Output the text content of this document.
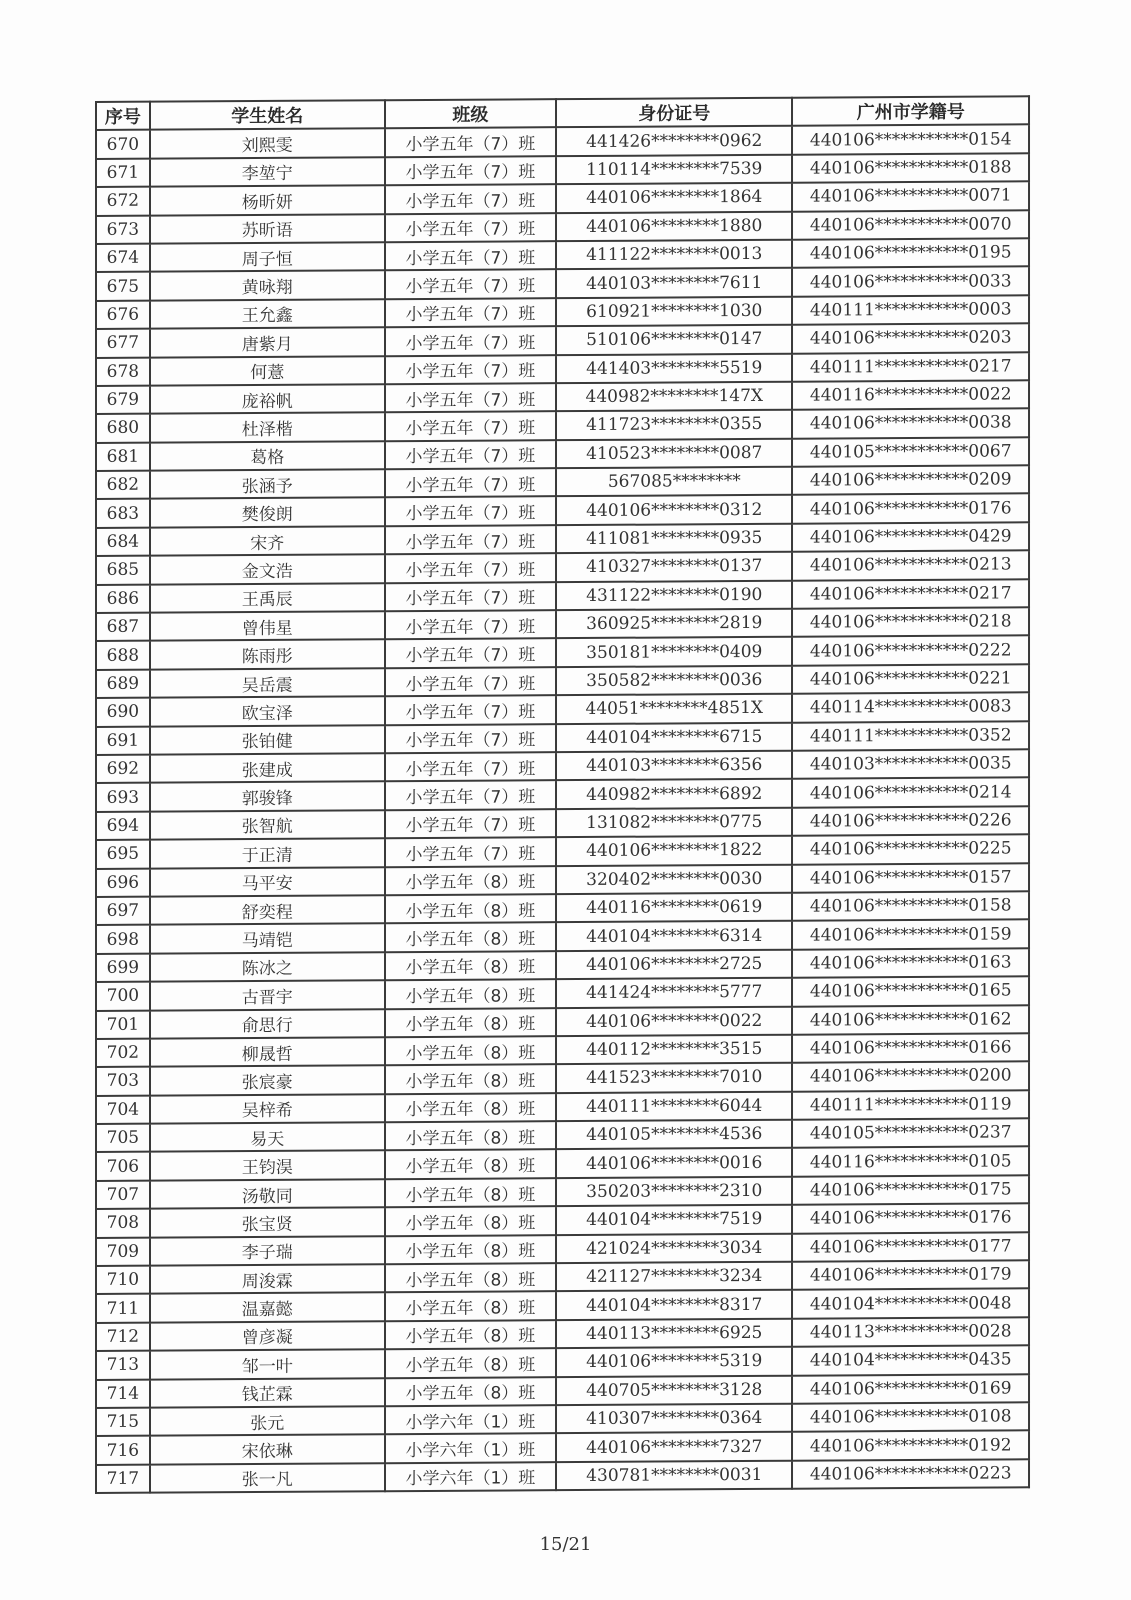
序号	学生姓名	班级	身份证号	广州市学籍号
670	刘熙雯	小学五年（7）班	441426********0962	440106***********0154
671	李堃宁	小学五年（7）班	110114********7539	440106***********0188
672	杨昕妍	小学五年（7）班	440106********1864	440106***********0071
673	苏昕语	小学五年（7）班	440106********1880	440106***********0070
674	周子恒	小学五年（7）班	411122********0013	440106***********0195
675	黄咏翔	小学五年（7）班	440103********7611	440106***********0033
676	王允鑫	小学五年（7）班	610921********1030	440111***********0003
677	唐紫月	小学五年（7）班	510106********0147	440106***********0203
678	何薏	小学五年（7）班	441403********5519	440111***********0217
679	庞裕帆	小学五年（7）班	440982********147X	440116***********0022
680	杜泽楷	小学五年（7）班	411723********0355	440106***********0038
681	葛格	小学五年（7）班	410523********0087	440105***********0067
682	张涵予	小学五年（7）班	567085********	440106***********0209
683	樊俊朗	小学五年（7）班	440106********0312	440106***********0176
684	宋齐	小学五年（7）班	411081********0935	440106***********0429
685	金文浩	小学五年（7）班	410327********0137	440106***********0213
686	王禹辰	小学五年（7）班	431122********0190	440106***********0217
687	曾伟星	小学五年（7）班	360925********2819	440106***********0218
688	陈雨彤	小学五年（7）班	350181********0409	440106***********0222
689	吴岳震	小学五年（7）班	350582********0036	440106***********0221
690	欧宝泽	小学五年（7）班	44051********4851X	440114***********0083
691	张铂健	小学五年（7）班	440104********6715	440111***********0352
692	张建成	小学五年（7）班	440103********6356	440103***********0035
693	郭骏锋	小学五年（7）班	440982********6892	440106***********0214
694	张智航	小学五年（7）班	131082********0775	440106***********0226
695	于正清	小学五年（7）班	440106********1822	440106***********0225
696	马平安	小学五年（8）班	320402********0030	440106***********0157
697	舒奕程	小学五年（8）班	440116********0619	440106***********0158
698	马靖铠	小学五年（8）班	440104********6314	440106***********0159
699	陈冰之	小学五年（8）班	440106********2725	440106***********0163
700	古晋宇	小学五年（8）班	441424********5777	440106***********0165
701	俞思行	小学五年（8）班	440106********0022	440106***********0162
702	柳晟哲	小学五年（8）班	440112********3515	440106***********0166
703	张宸豪	小学五年（8）班	441523********7010	440106***********0200
704	吴梓希	小学五年（8）班	440111********6044	440111***********0119
705	易天	小学五年（8）班	440105********4536	440105***********0237
706	王钧淏	小学五年（8）班	440106********0016	440116***********0105
707	汤敬同	小学五年（8）班	350203********2310	440106***********0175
708	张宝贤	小学五年（8）班	440104********7519	440106***********0176
709	李子瑞	小学五年（8）班	421024********3034	440106***********0177
710	周浚霖	小学五年（8）班	421127********3234	440106***********0179
711	温嘉懿	小学五年（8）班	440104********8317	440104***********0048
712	曾彦凝	小学五年（8）班	440113********6925	440113***********0028
713	邹一叶	小学五年（8）班	440106********5319	440104***********0435
714	钱芷霖	小学五年（8）班	440705********3128	440106***********0169
715	张元	小学六年（1）班	410307********0364	440106***********0108
716	宋依琳	小学六年（1）班	440106********7327	440106***********0192
717	张一凡	小学六年（1）班	430781********0031	440106***********0223
15/21
